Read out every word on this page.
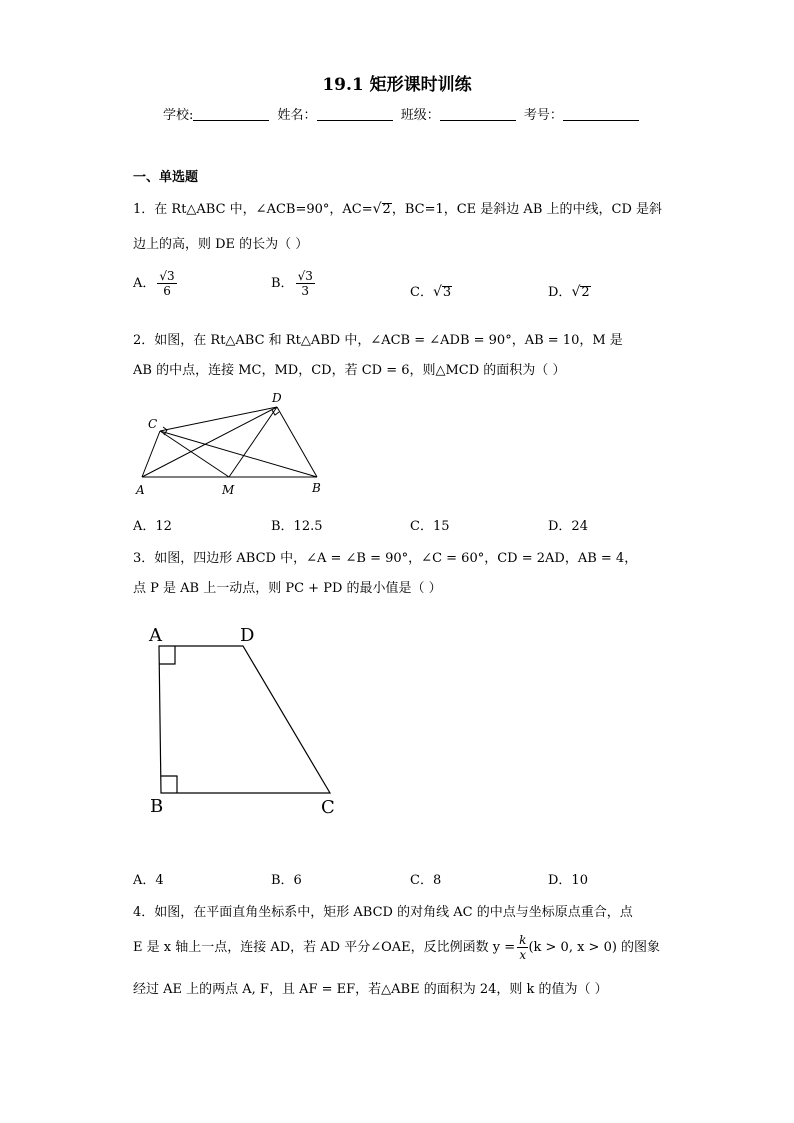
19.1 矩形课时训练
学校:	姓名：	班级：	考号：
一、单选题
1．在 Rt△ABC 中，∠ACB=90°，AC=√2，BC=1，CE 是斜边 AB 上的中线，CD 是斜
边上的高，则 DE 的长为（ ）
A． $\frac{√3}{6}$	B． $\frac{√3}{3}$	C．√3	D．√2
2．如图，在 Rt△ABC 和 Rt△ABD 中，∠ACB = ∠ADB = 90°，AB = 10，M 是
AB 的中点，连接 MC，MD，CD，若 CD = 6，则△MCD 的面积为（ ）
C
D
A	M	B
A．12	B．12.5	C．15	D．24
3．如图，四边形 ABCD 中，∠A = ∠B = 90°，∠C = 60°，CD = 2AD，AB = 4，
点 P 是 AB 上一动点，则 PC + PD 的最小值是（ ）
A	D
B	C
A．4	B．6	C．8	D．10
4．如图，在平面直角坐标系中，矩形 ABCD 的对角线 AC 的中点与坐标原点重合，点
E 是 x 轴上一点，连接 AD，若 AD 平分∠OAE，反比例函数 $y = \frac{k}{x} (k > 0$, x > 0) 的图象
经过 AE 上的两点 A, F，且 AF = EF，若△ABE 的面积为 24，则 k 的值为（ ）
